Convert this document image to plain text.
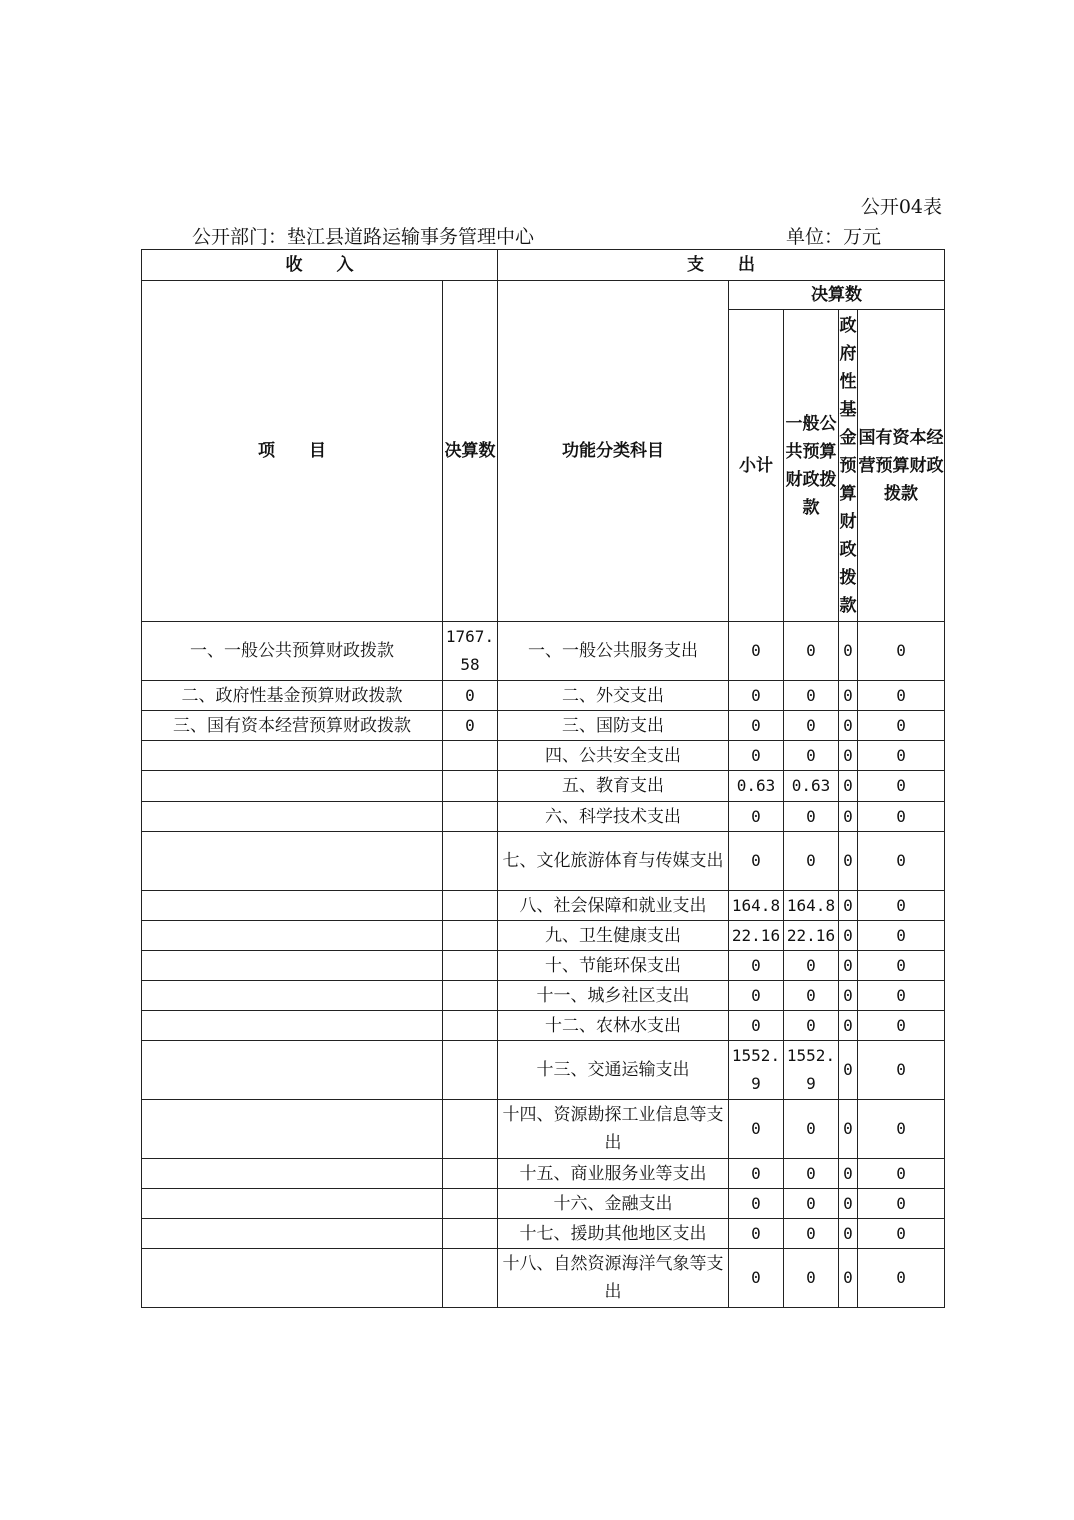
公开04表
公开部门：垫江县道路运输事务管理中心	单位：万元
收　　入		支　　出				
项　　目	决算数	功能分类科目	决算数			
			小计	一般公共预算财政拨款	政府性基金预算财政拨款	国有资本经营预算财政拨款

一、一般公共预算财政拨款	1767.58	一、一般公共服务支出	0	0	0	0

二、政府性基金预算财政拨款	0	二、外交支出	0	0	0	0

三、国有资本经营预算财政拨款	0	三、国防支出	0	0	0	0

		四、公共安全支出	0	0	0	0

		五、教育支出	0.63	0.63	0	0

		六、科学技术支出	0	0	0	0

		七、文化旅游体育与传媒支出	0	0	0	0

		八、社会保障和就业支出	164.8	164.8	0	0

		九、卫生健康支出	22.16	22.16	0	0

		十、节能环保支出	0	0	0	0

		十一、城乡社区支出	0	0	0	0

		十二、农林水支出	0	0	0	0

		十三、交通运输支出	1552.9	1552.9	0	0

		十四、资源勘探工业信息等支出	0	0	0	0

		十五、商业服务业等支出	0	0	0	0

		十六、金融支出	0	0	0	0

		十七、援助其他地区支出	0	0	0	0

		十八、自然资源海洋气象等支出	0	0	0	0
